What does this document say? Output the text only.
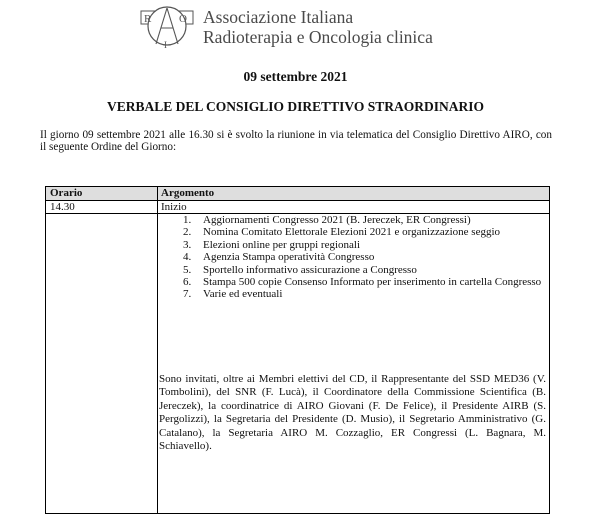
R	O
I
Associazione Italiana
Radioterapia e Oncologia clinica
09 settembre 2021
VERBALE DEL CONSIGLIO DIRETTIVO STRAORDINARIO
Il giorno 09 settembre 2021 alle 16.30 si è svolto la riunione in via telematica del Consiglio Direttivo AIRO, con il seguente Ordine del Giorno:
Orario	Argomento
14.30	Inizio
1. Aggiornamenti Congresso 2021 (B. Jereczek, ER Congressi)
2. Nomina Comitato Elettorale Elezioni 2021 e organizzazione seggio
3. Elezioni online per gruppi regionali
4. Agenzia Stampa operatività Congresso
5. Sportello informativo assicurazione a Congresso
6. Stampa 500 copie Consenso Informato per inserimento in cartella Congresso
7. Varie ed eventuali
Sono invitati, oltre ai Membri elettivi del CD, il Rappresentante del SSD MED36 (V. Tombolini), del SNR (F. Lucà), il Coordinatore della Commissione Scientifica (B. Jereczek), la coordinatrice di AIRO Giovani (F. De Felice), il Presidente AIRB (S. Pergolizzi), la Segretaria del Presidente (D. Musio), il Segretario Amministrativo (G. Catalano), la Segretaria AIRO M. Cozzaglio, ER Congressi (L. Bagnara, M. Schiavello).
